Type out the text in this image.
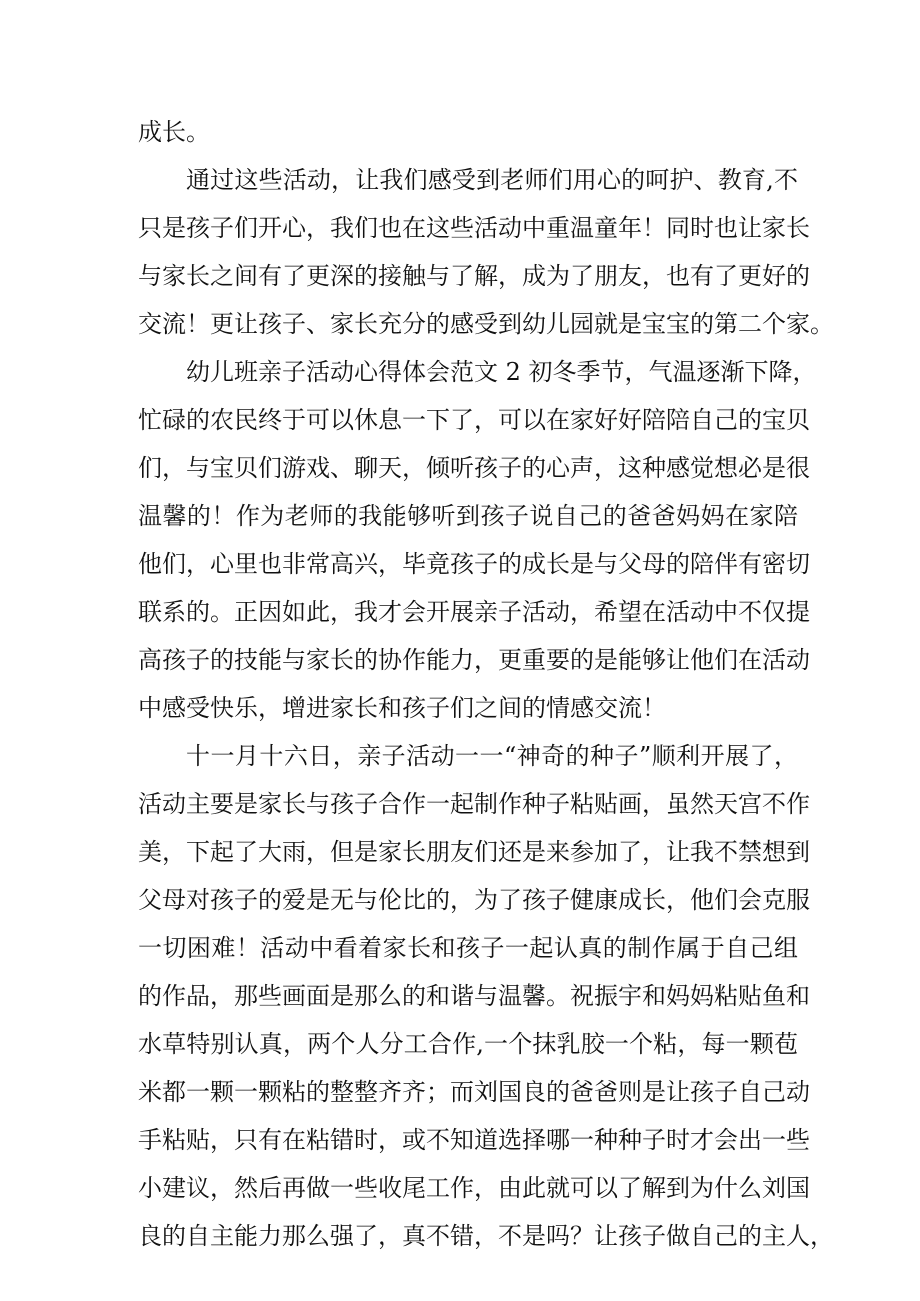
成长。
通过这些活动，让我们感受到老师们用心的呵护、教育,不
只是孩子们开心，我们也在这些活动中重温童年！同时也让家长
与家长之间有了更深的接触与了解，成为了朋友，也有了更好的
交流！更让孩子、家长充分的感受到幼儿园就是宝宝的第二个家。
幼儿班亲子活动心得体会范文 2 初冬季节，气温逐渐下降，
忙碌的农民终于可以休息一下了，可以在家好好陪陪自己的宝贝
们，与宝贝们游戏、聊天，倾听孩子的心声，这种感觉想必是很
温馨的！作为老师的我能够听到孩子说自己的爸爸妈妈在家陪
他们，心里也非常高兴，毕竟孩子的成长是与父母的陪伴有密切
联系的。正因如此，我才会开展亲子活动，希望在活动中不仅提
高孩子的技能与家长的协作能力，更重要的是能够让他们在活动
中感受快乐，增进家长和孩子们之间的情感交流！
十一月十六日，亲子活动一一“神奇的种子”顺利开展了，
活动主要是家长与孩子合作一起制作种子粘贴画，虽然天宫不作
美，下起了大雨，但是家长朋友们还是来参加了，让我不禁想到
父母对孩子的爱是无与伦比的，为了孩子健康成长，他们会克服
一切困难！活动中看着家长和孩子一起认真的制作属于自己组
的作品，那些画面是那么的和谐与温馨。祝振宇和妈妈粘贴鱼和
水草特别认真，两个人分工合作,一个抹乳胶一个粘，每一颗苞
米都一颗一颗粘的整整齐齐；而刘国良的爸爸则是让孩子自己动
手粘贴，只有在粘错时，或不知道选择哪一种种子时才会出一些
小建议，然后再做一些收尾工作，由此就可以了解到为什么刘国
良的自主能力那么强了，真不错，不是吗？让孩子做自己的主人，
